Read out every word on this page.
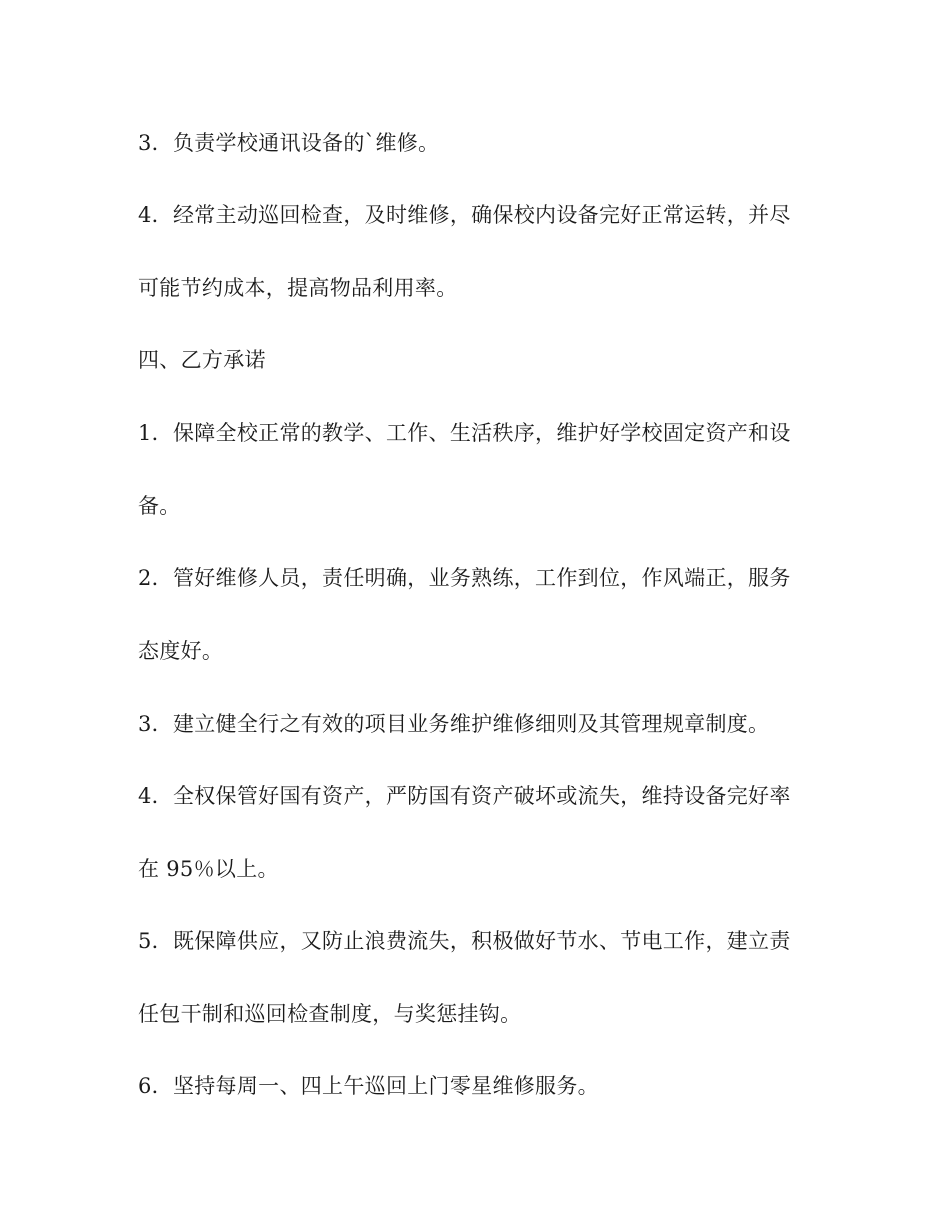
3．负责学校通讯设备的`维修。
4．经常主动巡回检查，及时维修，确保校内设备完好正常运转，并尽
可能节约成本，提高物品利用率。
四、乙方承诺
1．保障全校正常的教学、工作、生活秩序，维护好学校固定资产和设
备。
2．管好维修人员，责任明确，业务熟练，工作到位，作风端正，服务
态度好。
3．建立健全行之有效的项目业务维护维修细则及其管理规章制度。
4．全权保管好国有资产，严防国有资产破坏或流失，维持设备完好率
在 95％以上。
5．既保障供应，又防止浪费流失，积极做好节水、节电工作，建立责
任包干制和巡回检查制度，与奖惩挂钩。
6．坚持每周一、四上午巡回上门零星维修服务。
